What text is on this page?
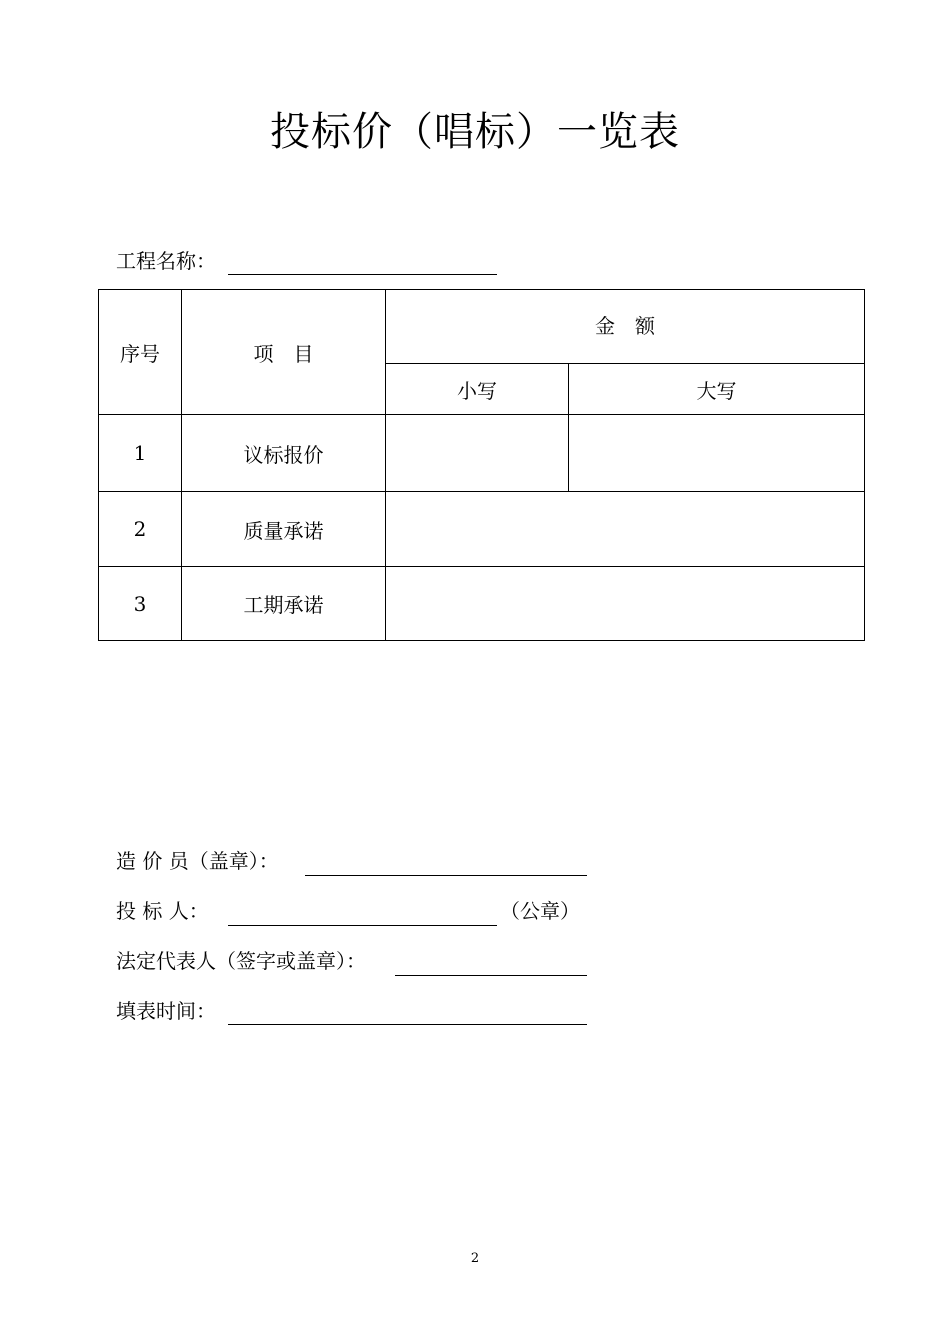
投标价（唱标）一览表
工程名称：
序号	项　目	金　额	
		小写	大写
1	议标报价		
2	质量承诺		
3	工期承诺		
造 价 员（盖章）：
投 标 人：	（公章）
法定代表人（签字或盖章）：
填表时间：
2
